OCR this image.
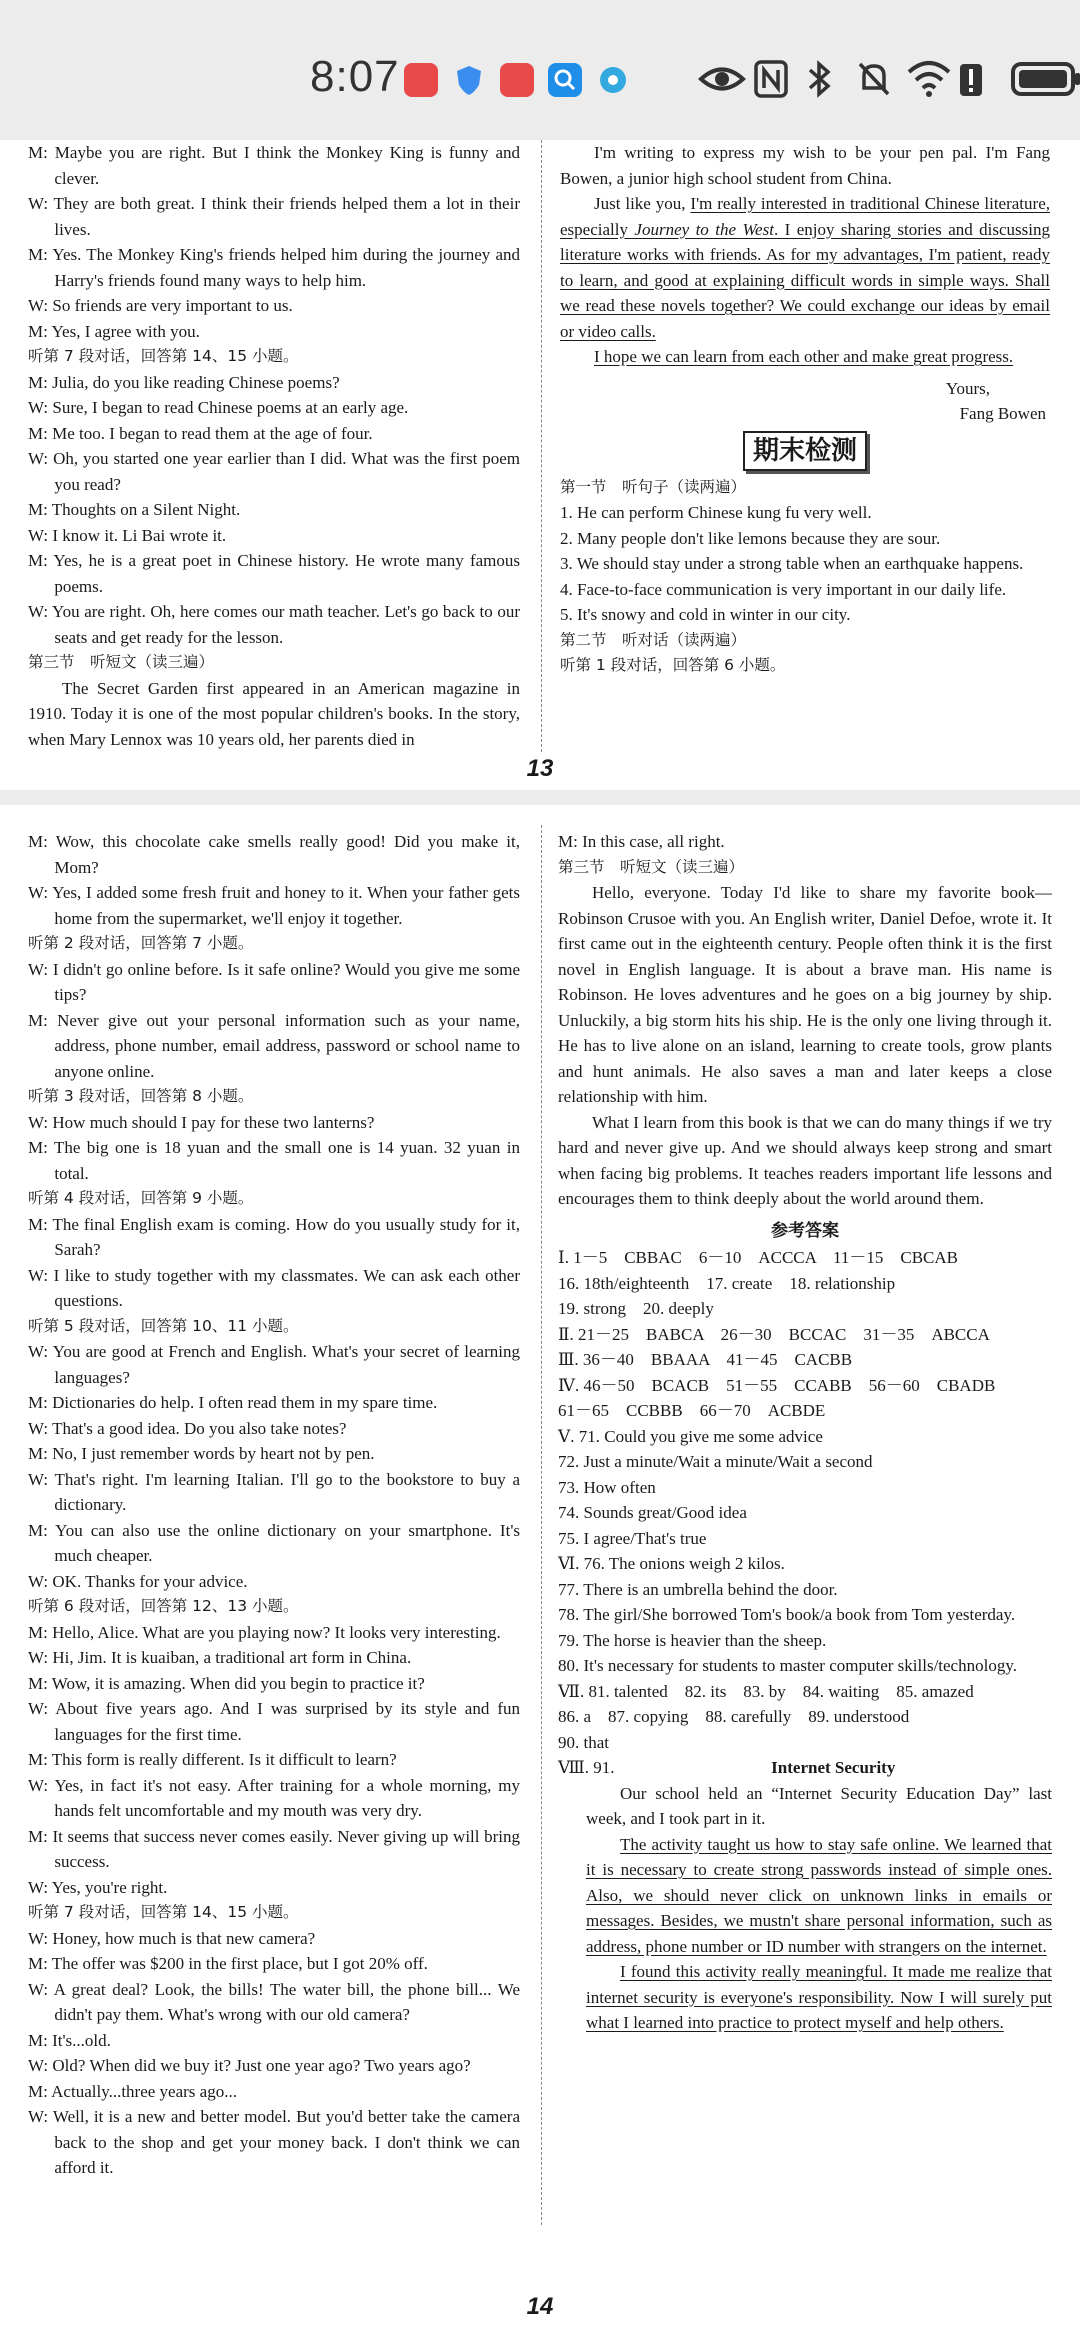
8:07
M: Maybe you are right. But I think the Monkey King is funny and clever.
W: They are both great. I think their friends helped them a lot in their lives.
M: Yes. The Monkey King's friends helped him during the journey and Harry's friends found many ways to help him.
W: So friends are very important to us.
M: Yes, I agree with you.
听第 7 段对话，回答第 14、15 小题。
M: Julia, do you like reading Chinese poems?
W: Sure, I began to read Chinese poems at an early age.
M: Me too. I began to read them at the age of four.
W: Oh, you started one year earlier than I did. What was the first poem you read?
M: Thoughts on a Silent Night.
W: I know it. Li Bai wrote it.
M: Yes, he is a great poet in Chinese history. He wrote many famous poems.
W: You are right. Oh, here comes our math teacher. Let's go back to our seats and get ready for the lesson.
第三节　听短文（读三遍）
The Secret Garden first appeared in an American magazine in 1910. Today it is one of the most popular children's books. In the story, when Mary Lennox was 10 years old, her parents died in
I'm writing to express my wish to be your pen pal. I'm Fang Bowen, a junior high school student from China.
Just like you, I'm really interested in traditional Chinese literature, especially Journey to the West. I enjoy sharing stories and discussing literature works with friends. As for my advantages, I'm patient, ready to learn, and good at explaining difficult words in simple ways. Shall we read these novels together? We could exchange our ideas by email or video calls.
I hope we can learn from each other and make great progress.
Yours,
Fang Bowen
期末检测
第一节　听句子（读两遍）
1. He can perform Chinese kung fu very well.
2. Many people don't like lemons because they are sour.
3. We should stay under a strong table when an earthquake happens.
4. Face-to-face communication is very important in our daily life.
5. It's snowy and cold in winter in our city.
第二节　听对话（读两遍）
听第 1 段对话，回答第 6 小题。
13
M: Wow, this chocolate cake smells really good! Did you make it, Mom?
W: Yes, I added some fresh fruit and honey to it. When your father gets home from the supermarket, we'll enjoy it together.
听第 2 段对话，回答第 7 小题。
W: I didn't go online before. Is it safe online? Would you give me some tips?
M: Never give out your personal information such as your name, address, phone number, email address, password or school name to anyone online.
听第 3 段对话，回答第 8 小题。
W: How much should I pay for these two lanterns?
M: The big one is 18 yuan and the small one is 14 yuan. 32 yuan in total.
听第 4 段对话，回答第 9 小题。
M: The final English exam is coming. How do you usually study for it, Sarah?
W: I like to study together with my classmates. We can ask each other questions.
听第 5 段对话，回答第 10、11 小题。
W: You are good at French and English. What's your secret of learning languages?
M: Dictionaries do help. I often read them in my spare time.
W: That's a good idea. Do you also take notes?
M: No, I just remember words by heart not by pen.
W: That's right. I'm learning Italian. I'll go to the bookstore to buy a dictionary.
M: You can also use the online dictionary on your smartphone. It's much cheaper.
W: OK. Thanks for your advice.
听第 6 段对话，回答第 12、13 小题。
M: Hello, Alice. What are you playing now? It looks very interesting.
W: Hi, Jim. It is kuaiban, a traditional art form in China.
M: Wow, it is amazing. When did you begin to practice it?
W: About five years ago. And I was surprised by its style and fun languages for the first time.
M: This form is really different. Is it difficult to learn?
W: Yes, in fact it's not easy. After training for a whole morning, my hands felt uncomfortable and my mouth was very dry.
M: It seems that success never comes easily. Never giving up will bring success.
W: Yes, you're right.
听第 7 段对话，回答第 14、15 小题。
W: Honey, how much is that new camera?
M: The offer was $200 in the first place, but I got 20% off.
W: A great deal? Look, the bills! The water bill, the phone bill... We didn't pay them. What's wrong with our old camera?
M: It's...old.
W: Old? When did we buy it? Just one year ago? Two years ago?
M: Actually...three years ago...
W: Well, it is a new and better model. But you'd better take the camera back to the shop and get your money back. I don't think we can afford it.
M: In this case, all right.
第三节　听短文（读三遍）
Hello, everyone. Today I'd like to share my favorite book—Robinson Crusoe with you. An English writer, Daniel Defoe, wrote it. It first came out in the eighteenth century. People often think it is the first novel in English language. It is about a brave man. His name is Robinson. He loves adventures and he goes on a big journey by ship. Unluckily, a big storm hits his ship. He is the only one living through it. He has to live alone on an island, learning to create tools, grow plants and hunt animals. He also saves a man and later keeps a close relationship with him.
What I learn from this book is that we can do many things if we try hard and never give up. And we should always keep strong and smart when facing big problems. It teaches readers important life lessons and encourages them to think deeply about the world around them.
参考答案
Ⅰ. 1－5　CBBAC　6－10　ACCCA　11－15　CBCAB
16. 18th/eighteenth　17. create　18. relationship
19. strong　20. deeply
Ⅱ. 21－25　BABCA　26－30　BCCAC　31－35　ABCCA
Ⅲ. 36－40　BBAAA　41－45　CACBB
Ⅳ. 46－50　BCACB　51－55　CCABB　56－60　CBADB
61－65　CCBBB　66－70　ACBDE
Ⅴ. 71. Could you give me some advice
72. Just a minute/Wait a minute/Wait a second
73. How often
74. Sounds great/Good idea
75. I agree/That's true
Ⅵ. 76. The onions weigh 2 kilos.
77. There is an umbrella behind the door.
78. The girl/She borrowed Tom's book/a book from Tom yesterday.
79. The horse is heavier than the sheep.
80. It's necessary for students to master computer skills/technology.
Ⅶ. 81. talented　82. its　83. by　84. waiting　85. amazed
86. a　87. copying　88. carefully　89. understood
90. that
Ⅷ. 91.	Internet Security
Our school held an “Internet Security Education Day” last week, and I took part in it.
The activity taught us how to stay safe online. We learned that it is necessary to create strong passwords instead of simple ones. Also, we should never click on unknown links in emails or messages. Besides, we mustn't share personal information, such as address, phone number or ID number with strangers on the internet.
I found this activity really meaningful. It made me realize that internet security is everyone's responsibility. Now I will surely put what I learned into practice to protect myself and help others.
14
